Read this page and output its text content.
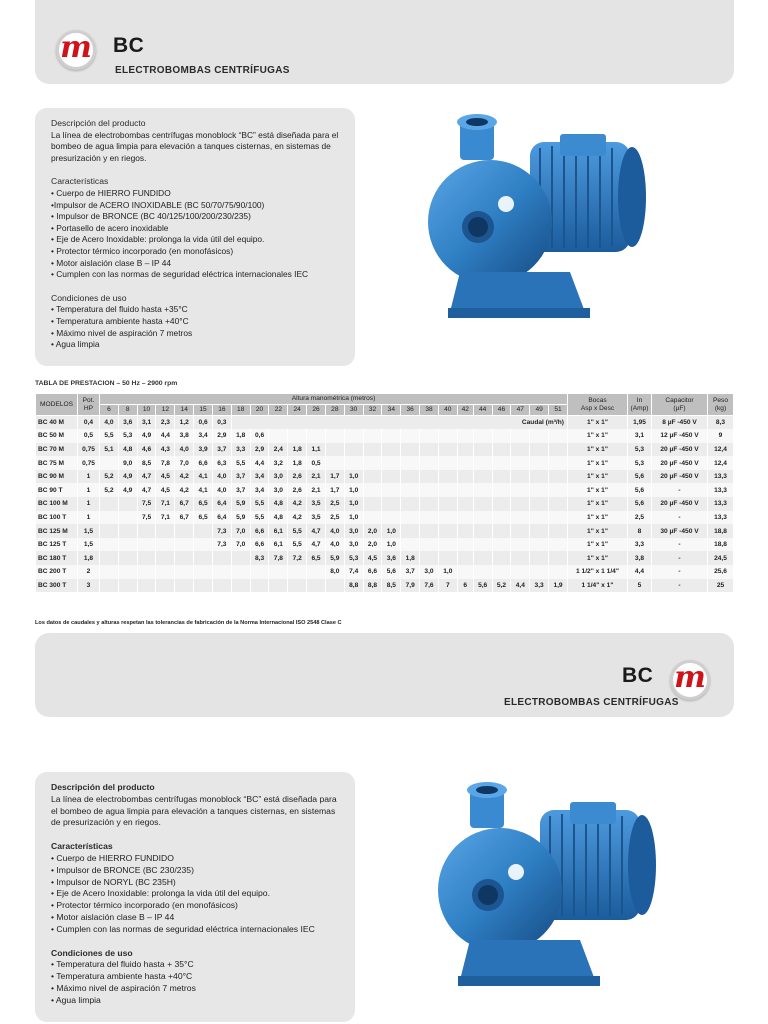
m BC
ELECTROBOMBAS CENTRÍFUGAS
Descripción del producto

La línea de electrobombas centrífugas monoblock “BC” está diseñada para el bombeo de agua limpia para elevación a tanques cisternas, en sistemas de presurización y en riegos.

Características
• Cuerpo de HIERRO FUNDIDO
•Impulsor de ACERO INOXIDABLE (BC 50/70/75/90/100)
• Impulsor de BRONCE (BC 40/125/100/200/230/235)
• Portasello de acero inoxidable
• Eje de Acero Inoxidable: prolonga la vida útil del equipo.
• Protector térmico incorporado (en monofásicos)
• Motor aislación clase B – IP 44
• Cumplen con las normas de seguridad eléctrica internacionales IEC
Condiciones de uso
• Temperatura del fluido hasta +35°C
• Temperatura ambiente hasta +40°C
• Máximo nivel de aspiración 7 metros
• Agua limpia
TABLA DE PRESTACION – 50 Hz – 2900 rpm
MODELOS	Pot.
HP	Altura manométrica (metros)																									Bocas
Asp x Desc	In
(Amp)	Capacitor
(µF)	Peso
(kg)
		6	8	10	12	14	15	16	18	20	22	24	26	28	30	32	34	36	38	40	42	44	46	47	49	51				
BC 40 M	0,4	4,0	3,6	3,1	2,3	1,2	0,6	0,3	Caudal (m³/h)																		1" x 1"	1,95	8 µF -450 V	8,3
BC 50 M	0,5	5,5	5,3	4,9	4,4	3,8	3,4	2,9	1,8	0,6																	1" x 1"	3,1	12 µF -450 V	9
BC 70 M	0,75	5,1	4,8	4,6	4,3	4,0	3,9	3,7	3,3	2,9	2,4	1,8	1,1														1" x 1"	5,3	20 µF -450 V	12,4
BC 75 M	0,75		9,0	8,5	7,8	7,0	6,6	6,3	5,5	4,4	3,2	1,8	0,5														1" x 1"	5,3	20 µF -450 V	12,4
BC 90 M	1	5,2	4,9	4,7	4,5	4,2	4,1	4,0	3,7	3,4	3,0	2,6	2,1	1,7	1,0												1" x 1"	5,6	20 µF -450 V	13,3
BC 90 T	1	5,2	4,9	4,7	4,5	4,2	4,1	4,0	3,7	3,4	3,0	2,6	2,1	1,7	1,0												1" x 1"	5,6	-	13,3
BC 100 M	1			7,5	7,1	6,7	6,5	6,4	5,9	5,5	4,8	4,2	3,5	2,5	1,0												1" x 1"	5,6	20 µF -450 V	13,3
BC 100 T	1			7,5	7,1	6,7	6,5	6,4	5,9	5,5	4,8	4,2	3,5	2,5	1,0												1" x 1"	2,5	-	13,3
BC 125 M	1,5							7,3	7,0	6,6	6,1	5,5	4,7	4,0	3,0	2,0	1,0										1" x 1"	8	30 µF -450 V	18,8
BC 125 T	1,5							7,3	7,0	6,6	6,1	5,5	4,7	4,0	3,0	2,0	1,0										1" x 1"	3,3	-	18,8
BC 180 T	1,8									8,3	7,8	7,2	6,5	5,9	5,3	4,5	3,6	1,8									1" x 1"	3,8	-	24,5
BC 200 T	2													8,0	7,4	6,6	5,6	3,7	3,0	1,0							1 1/2" x 1 1/4"	4,4	-	25,6
BC 300 T	3														8,8	8,8	8,5	7,9	7,6	7	6	5,6	5,2	4,4	3,3	1,9	1 1/4" x 1"	5	-	25
Los datos de caudales y alturas respetan las tolerancias de fabricación de la Norma Internacional ISO 2548 Clase C
BC m
ELECTROBOMBAS CENTRÍFUGAS
Descripción del producto

La línea de electrobombas centrífugas monoblock “BC” está diseñada para el bombeo de agua limpia para elevación a tanques cisternas, en sistemas de presurización y en riegos.

Características
• Cuerpo de HIERRO FUNDIDO
• Impulsor de BRONCE (BC 230/235)
• Impulsor de NORYL (BC 235H)
• Eje de Acero Inoxidable: prolonga la vida útil del equipo.
• Protector térmico incorporado (en monofásicos)
• Motor aislación clase B – IP 44
• Cumplen con las normas de seguridad eléctrica internacionales IEC
Condiciones de uso
• Temperatura del fluido hasta + 35°C
• Temperatura ambiente hasta +40°C
• Máximo nivel de aspiración 7 metros
• Agua limpia
